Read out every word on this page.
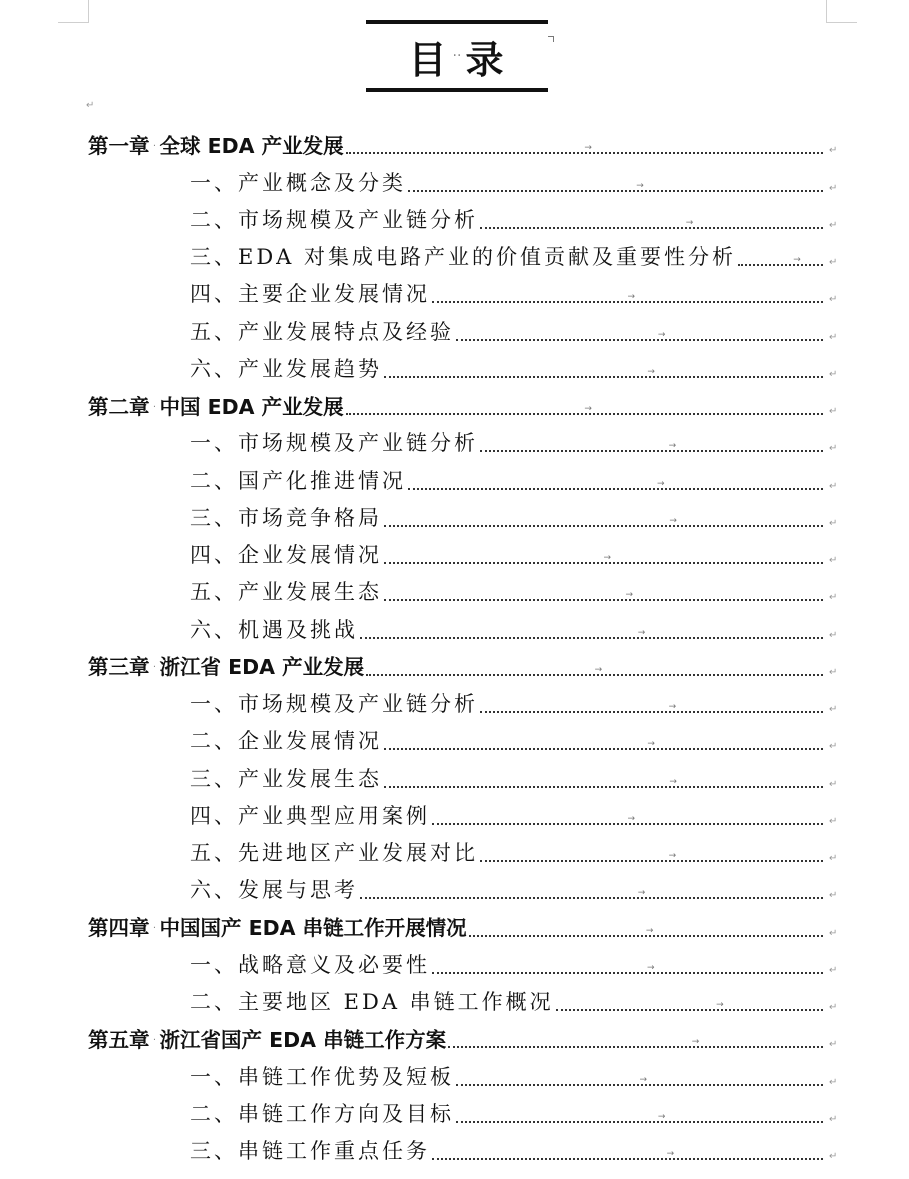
目 ·· 录
↵
第一章 · 全球 EDA 产业发展	→	↵
一、产业概念及分类	→	↵
二、市场规模及产业链分析	→	↵
三、EDA 对集成电路产业的价值贡献及重要性分析	→	↵
四、主要企业发展情况	→	↵
五、产业发展特点及经验	→	↵
六、产业发展趋势	→	↵
第二章 · 中国 EDA 产业发展	→	↵
一、市场规模及产业链分析	→	↵
二、国产化推进情况	→	↵
三、市场竞争格局	→	↵
四、企业发展情况	→	↵
五、产业发展生态	→	↵
六、机遇及挑战	→	↵
第三章 · 浙江省 EDA 产业发展	→	↵
一、市场规模及产业链分析	→	↵
二、企业发展情况	→	↵
三、产业发展生态	→	↵
四、产业典型应用案例	→	↵
五、先进地区产业发展对比	→	↵
六、发展与思考	→	↵
第四章 · 中国国产 EDA 串链工作开展情况	→	↵
一、战略意义及必要性	→	↵
二、主要地区 EDA 串链工作概况	→	↵
第五章 · 浙江省国产 EDA 串链工作方案	→	↵
一、串链工作优势及短板	→	↵
二、串链工作方向及目标	→	↵
三、串链工作重点任务	→	↵
